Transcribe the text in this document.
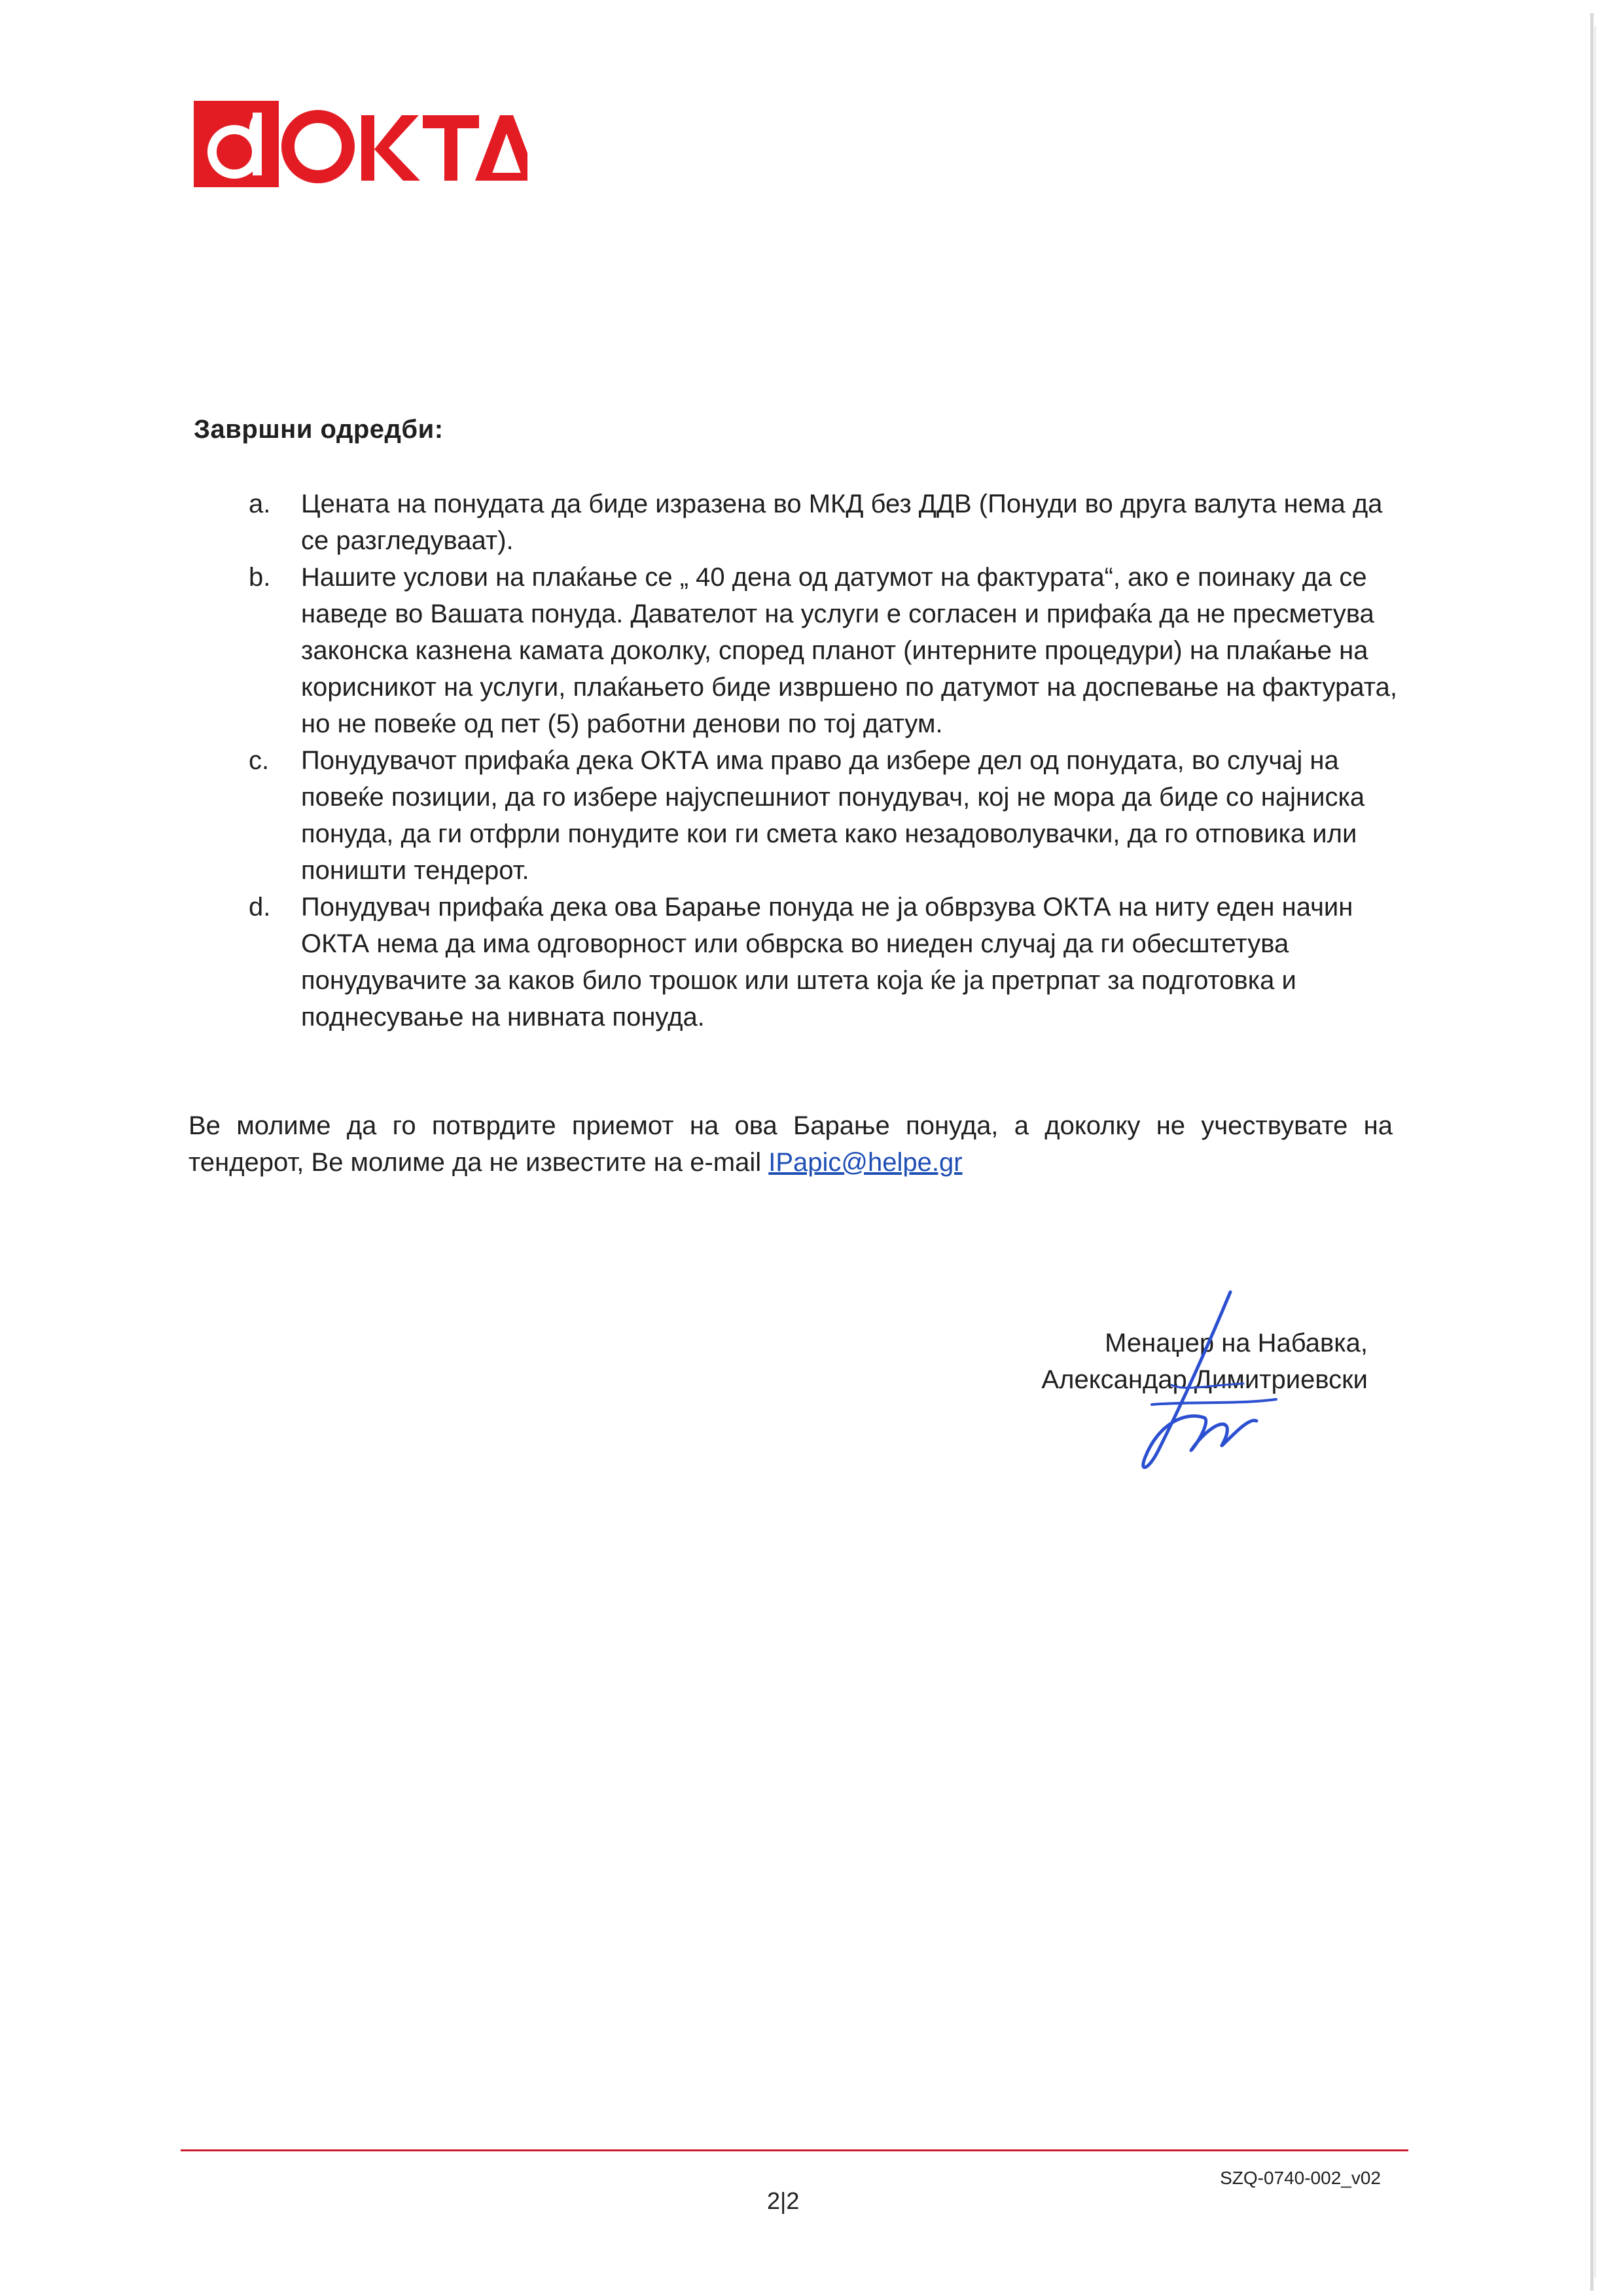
Завршни одредби:
a.	Цената на понудата да биде изразена во МКД без ДДВ (Понуди во друга валута нема да се разгледуваат).
b.	Нашите услови на плаќање се „ 40 дена од датумот на фактурата“, ако е поинаку да се наведе во Вашата понуда. Давателот на услуги е согласен и прифаќа да не пресметува законска казнена камата доколку, според планот (интерните процедури) на плаќање на корисникот на услуги, плаќањето биде извршено по датумот на доспевање на фактурата, но не повеќе од пет (5) работни денови по тој датум.
c.	Понудувачот прифаќа дека ОКТА има право да избере дел од понудата, во случај на повеќе позиции, да го избере најуспешниот понудувач, кој не мора да биде со најниска понуда, да ги отфрли понудите кои ги смета како незадоволувачки, да го отповика или поништи тендерот.
d.	Понудувач прифаќа дека ова Барање понуда не ја обврзува ОКТА на ниту еден начин ОКТА нема да има одговорност или обврска во ниеден случај да ги обесштетува понудувачите за каков било трошок или штета која ќе ја претрпат за подготовка и поднесување на нивната понуда.
Ве молиме да го потврдите приемот на ова Барање понуда, а доколку не учествувате на тендерот, Ве молиме да не известите на e-mail IPapic@helpe.gr
Менаџер на Набавка,
Александар Димитриевски
SZQ-0740-002_v02
2|2
